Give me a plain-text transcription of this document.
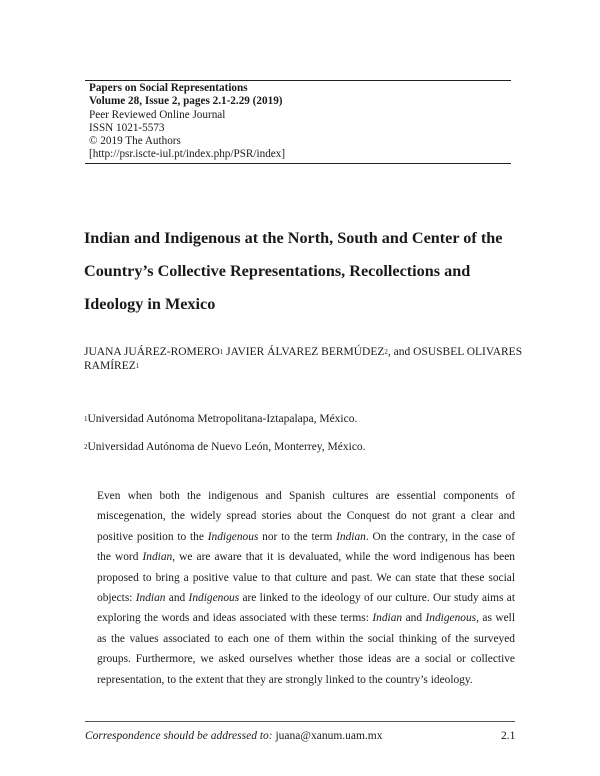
Papers on Social Representations
Volume 28, Issue 2, pages 2.1-2.29 (2019)
Peer Reviewed Online Journal
ISSN 1021-5573
© 2019 The Authors
[http://psr.iscte-iul.pt/index.php/PSR/index]
Indian and Indigenous at the North, South and Center of the Country’s Collective Representations, Recollections and Ideology in Mexico
JUANA JUÁREZ-ROMERO$^1$ JAVIER ÁLVAREZ BERMÚDEZ$^2$, and OSUSBEL OLIVARES RAMÍREZ$^1$
$^1$Universidad Autónoma Metropolitana-Iztapalapa, México.
$^2$Universidad Autónoma de Nuevo León, Monterrey, México.

Even when both the indigenous and Spanish cultures are essential components of miscegenation, the widely spread stories about the Conquest do not grant a clear and positive position to the Indigenous nor to the term Indian. On the contrary, in the case of the word Indian, we are aware that it is devaluated, while the word indigenous has been proposed to bring a positive value to that culture and past. We can state that these social objects: Indian and Indigenous are linked to the ideology of our culture. Our study aims at exploring the words and ideas associated with these terms: Indian and Indigenous, as well as the values associated to each one of them within the social thinking of the surveyed groups. Furthermore, we asked ourselves whether those ideas are a social or collective representation, to the extent that they are strongly linked to the country’s ideology.

Correspondence should be addressed to: juana@xanum.uam.mx	2.1
